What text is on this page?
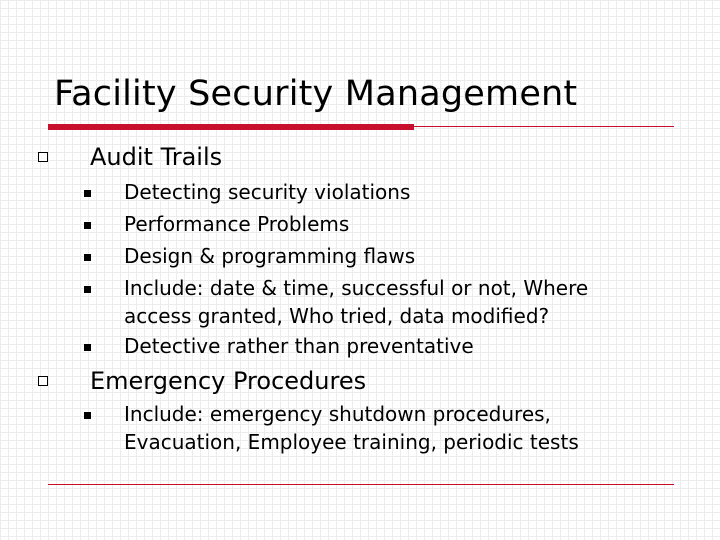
Facility Security Management
Audit Trails
Detecting security violations
Performance Problems
Design & programming flaws
Include: date & time, successful or not, Where
access granted, Who tried, data modified?
Detective rather than preventative
Emergency Procedures
Include: emergency shutdown procedures,
Evacuation, Employee training, periodic tests
